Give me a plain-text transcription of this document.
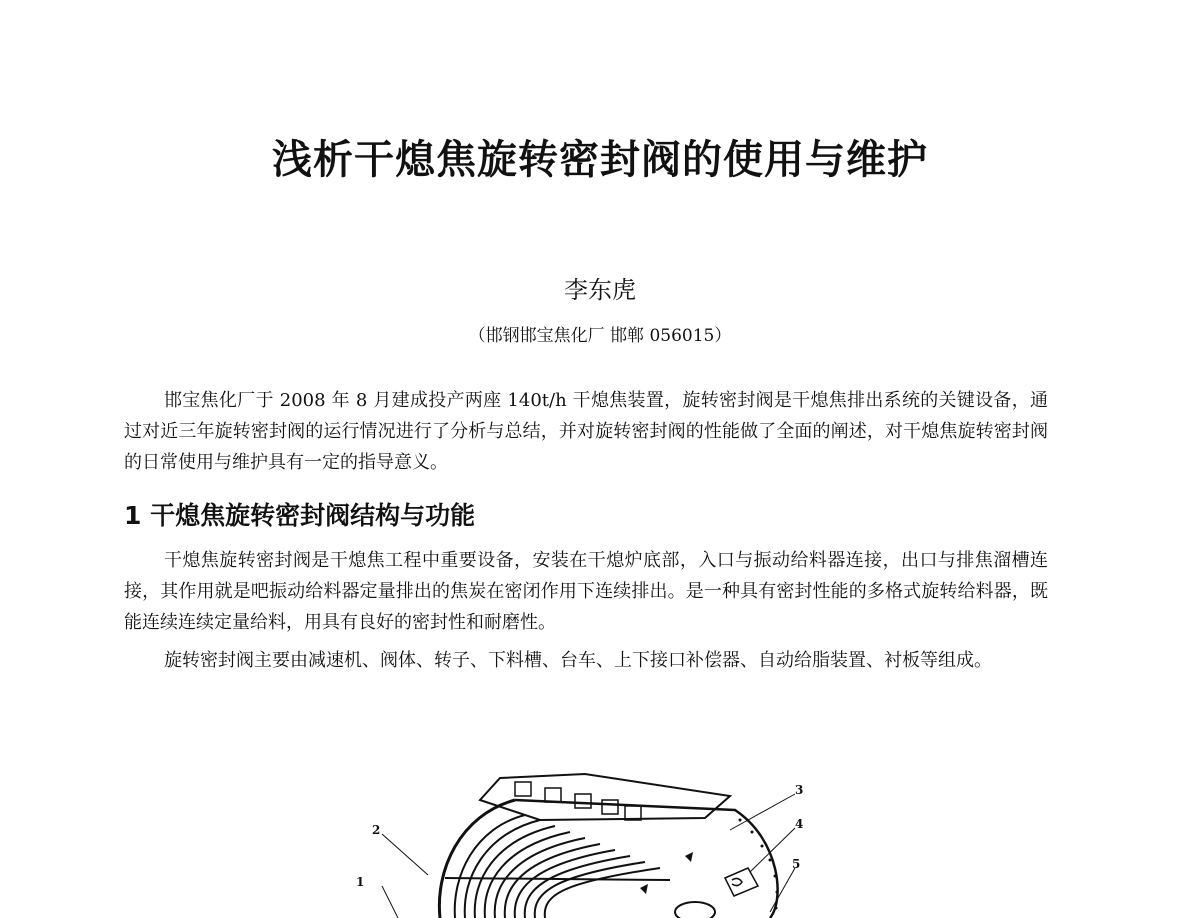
浅析干熄焦旋转密封阀的使用与维护
李东虎
（邯钢邯宝焦化厂 邯郸 056015）
邯宝焦化厂于 2008 年 8 月建成投产两座 140t/h 干熄焦装置，旋转密封阀是干熄焦排出系统的关键设备，通过对近三年旋转密封阀的运行情况进行了分析与总结，并对旋转密封阀的性能做了全面的阐述，对干熄焦旋转密封阀的日常使用与维护具有一定的指导意义。
1 干熄焦旋转密封阀结构与功能
干熄焦旋转密封阀是干熄焦工程中重要设备，安装在干熄炉底部，入口与振动给料器连接，出口与排焦溜槽连接，其作用就是吧振动给料器定量排出的焦炭在密闭作用下连续排出。是一种具有密封性能的多格式旋转给料器，既能连续连续定量给料，用具有良好的密封性和耐磨性。
旋转密封阀主要由减速机、阀体、转子、下料槽、台车、上下接口补偿器、自动给脂装置、衬板等组成。
1
2
3
4
5
